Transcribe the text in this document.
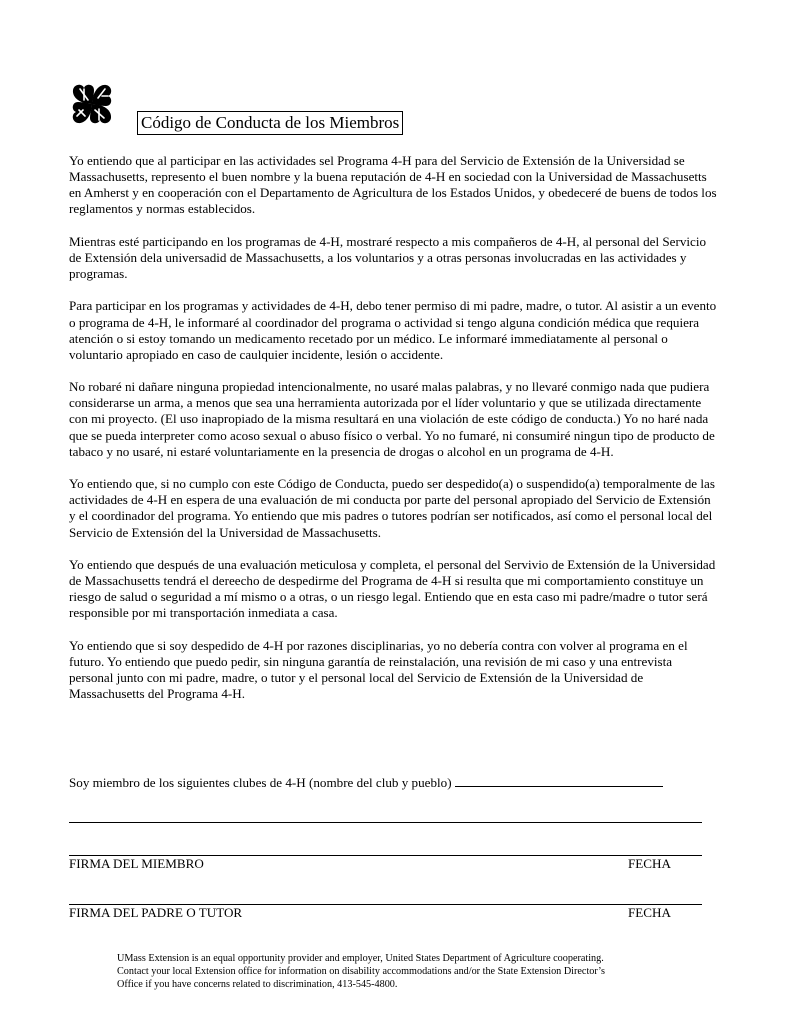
Código de Conducta de los Miembros

Yo entiendo que al participar en las actividades sel Programa 4-H para del Servicio de Extensión de la Universidad se Massachusetts, represento el buen nombre y la buena reputación de 4-H en sociedad con la Universidad de Massachusetts en Amherst y en cooperación con el Departamento de Agricultura de los Estados Unidos, y obedeceré de buens de todos los reglamentos y normas establecidos.

Mientras esté participando en los programas de 4-H, mostraré respecto a mis compañeros de 4-H, al personal del Servicio de Extensión dela universadid de Massachusetts, a los voluntarios y a otras personas involucradas en las actividades y programas.

Para participar en los programas y actividades de 4-H, debo tener permiso di mi padre, madre, o tutor. Al asistir a un evento o programa de 4-H, le informaré al coordinador del programa o actividad si tengo alguna condición médica que requiera atención o si estoy tomando un medicamento recetado por un médico. Le informaré immediatamente al personal o voluntario apropiado en caso de caulquier incidente, lesión o accidente.

No robaré ni dañare ninguna propiedad intencionalmente, no usaré malas palabras, y no llevaré conmigo nada que pudiera considerarse un arma, a menos que sea una herramienta autorizada por el líder voluntario y que se utilizada directamente con mi proyecto. (El uso inapropiado de la misma resultará en una violación de este código de conducta.) Yo no haré nada que se pueda interpreter como acoso sexual o abuso físico o verbal. Yo no fumaré, ni consumiré ningun tipo de producto de tabaco y no usaré, ni estaré voluntariamente en la presencia de drogas o alcohol en un programa de 4-H.

Yo entiendo que, si no cumplo con este Código de Conducta, puedo ser despedido(a) o suspendido(a) temporalmente de las actividades de 4-H en espera de una evaluación de mi conducta por parte del personal apropiado del Servicio de Extensión y el coordinador del programa. Yo entiendo que mis padres o tutores podrían ser notificados, así como el personal local del Servicio de Extensión del la Universidad de Massachusetts.

Yo entiendo que después de una evaluación meticulosa y completa, el personal del Servivio de Extensión de la Universidad de Massachusetts tendrá el dereecho de despedirme del Programa de 4-H si resulta que mi comportamiento constituye un riesgo de salud o seguridad a mí mismo o a otras, o un riesgo legal. Entiendo que en esta caso mi padre/madre o tutor será responsible por mi transportación inmediata a casa.

Yo entiendo que si soy despedido de 4-H por razones disciplinarias, yo no debería contra con volver al programa en el futuro. Yo entiendo que puedo pedir, sin ninguna garantía de reinstalación, una revisión de mi caso y una entrevista personal junto con mi padre, madre, o tutor y el personal local del Servicio de Extensión de la Universidad de Massachusetts del Programa 4-H.

Soy miembro de los siguientes clubes de 4-H (nombre del club y pueblo)
FIRMA DEL MIEMBRO	FECHA
FIRMA DEL PADRE O TUTOR	FECHA
UMass Extension is an equal opportunity provider and employer, United States Department of Agriculture cooperating.
Contact your local Extension office for information on disability accommodations and/or the State Extension Director’s
Office if you have concerns related to discrimination, 413-545-4800.
